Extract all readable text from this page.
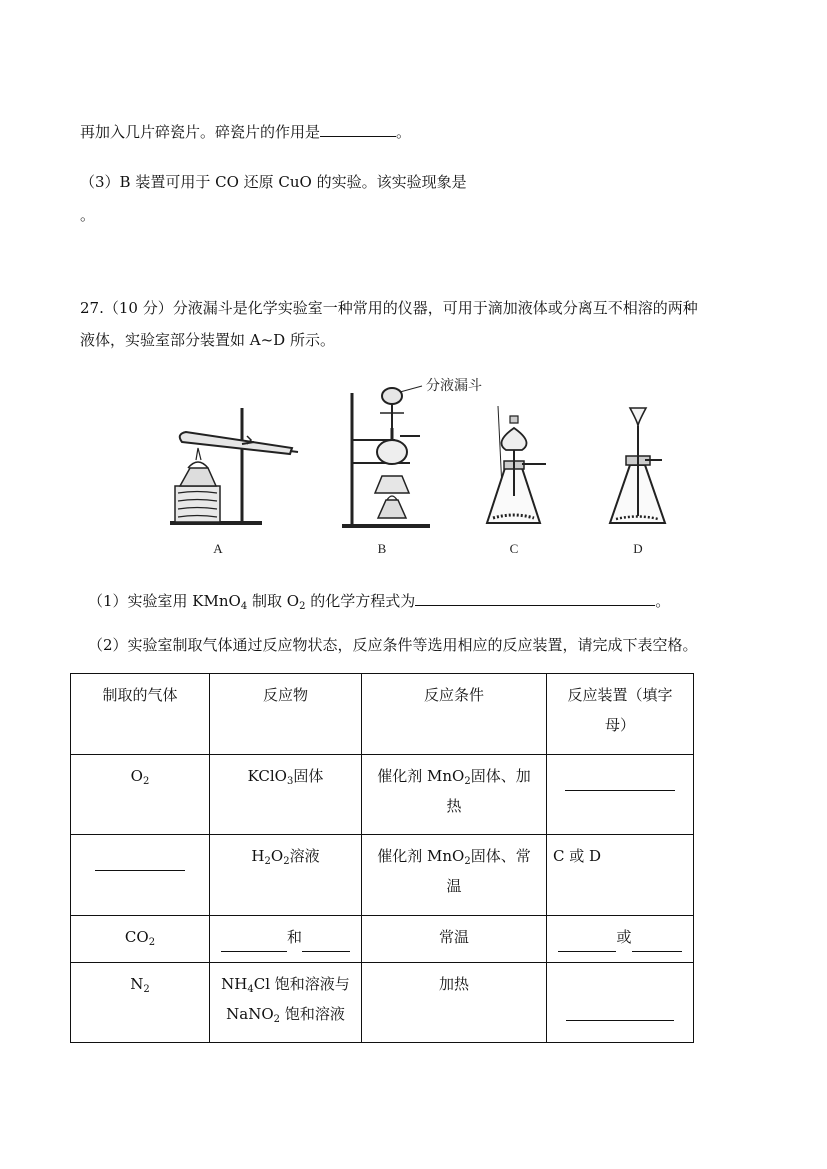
再加入几片碎瓷片。碎瓷片的作用是	。
（3）B 装置可用于 CO 还原 CuO 的实验。该实验现象是
。
27.（10 分）分液漏斗是化学实验室一种常用的仪器，可用于滴加液体或分离互不相溶的两种
液体，实验室部分装置如 A~D 所示。
A	B
分液漏斗
C	D
（1）实验室用 KMnO$_4$ 制取 $O_2$ 的化学方程式为	。
（2）实验室制取气体通过反应物状态，反应条件等选用相应的反应装置，请完成下表空格。
制取的气体	反应物	反应条件	反应装置（填字母）
$O_2$	KClO$_3$固体	催化剂 MnO$_2$固体、加热	
	$H_2O_2$溶液	催化剂 MnO$_2$固体、常温	C 或 D
$CO_2$	和	常温	或
$N_2$	$NH_4Cl$ 饱和溶液与
NaNO$_2$ 饱和溶液	加热	
